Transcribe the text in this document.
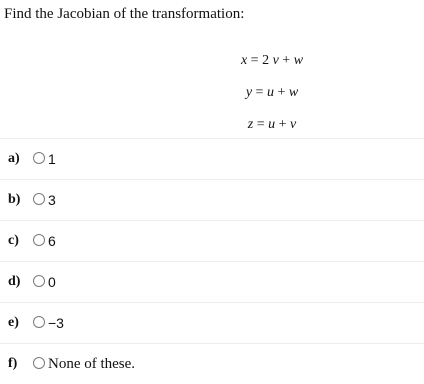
Find the Jacobian of the transformation:

x = 2 v + w

y = u + w

z = u + v

a) 1
b) 3
c) 6
d) 0
e) −3
f) None of these.
